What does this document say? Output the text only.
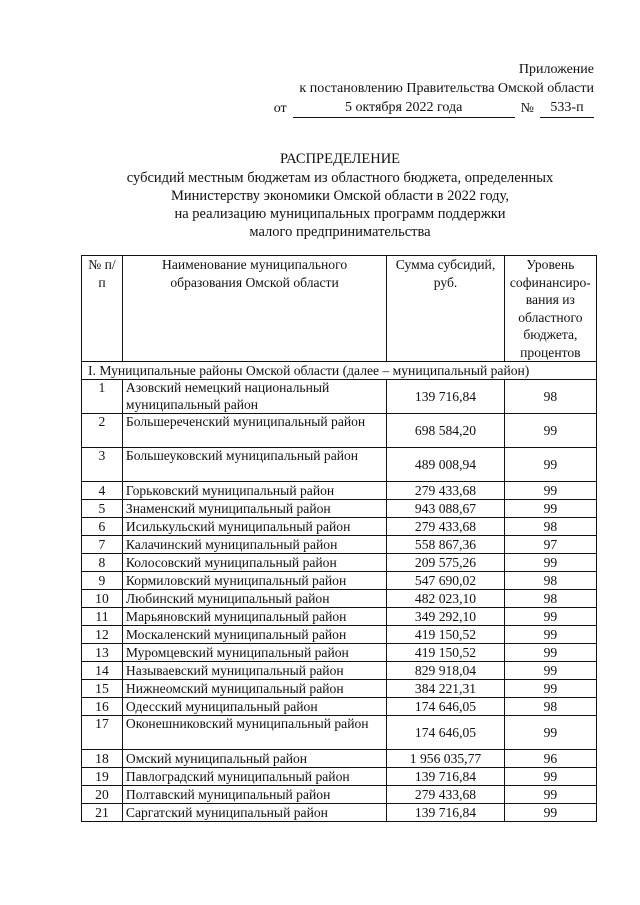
Приложение
к постановлению Правительства Омской области
от	5 октября 2022 года	№	533-п
РАСПРЕДЕЛЕНИЕ
субсидий местным бюджетам из областного бюджета, определенных
Министерству экономики Омской области в 2022 году,
на реализацию муниципальных программ поддержки
малого предпринимательства
№ п/п	Наименование муниципального образования Омской области	Сумма субсидий, руб.	Уровень софинансиро-вания из областного бюджета, процентов
I. Муниципальные районы Омской области (далее – муниципальный район)			
1	Азовский немецкий национальный муниципальный район	139 716,84	98
2	Большереченский муниципальный район	698 584,20	99
3	Большеуковский муниципальный район	489 008,94	99
4	Горьковский муниципальный район	279 433,68	99
5	Знаменский муниципальный район	943 088,67	99
6	Исилькульский муниципальный район	279 433,68	98
7	Калачинский муниципальный район	558 867,36	97
8	Колосовский муниципальный район	209 575,26	99
9	Кормиловский муниципальный район	547 690,02	98
10	Любинский муниципальный район	482 023,10	98
11	Марьяновский муниципальный район	349 292,10	99
12	Москаленский муниципальный район	419 150,52	99
13	Муромцевский муниципальный район	419 150,52	99
14	Называевский муниципальный район	829 918,04	99
15	Нижнеомский муниципальный район	384 221,31	99
16	Одесский муниципальный район	174 646,05	98
17	Оконешниковский муниципальный район	174 646,05	99
18	Омский муниципальный район	1 956 035,77	96
19	Павлоградский муниципальный район	139 716,84	99
20	Полтавский муниципальный район	279 433,68	99
21	Саргатский муниципальный район	139 716,84	99
